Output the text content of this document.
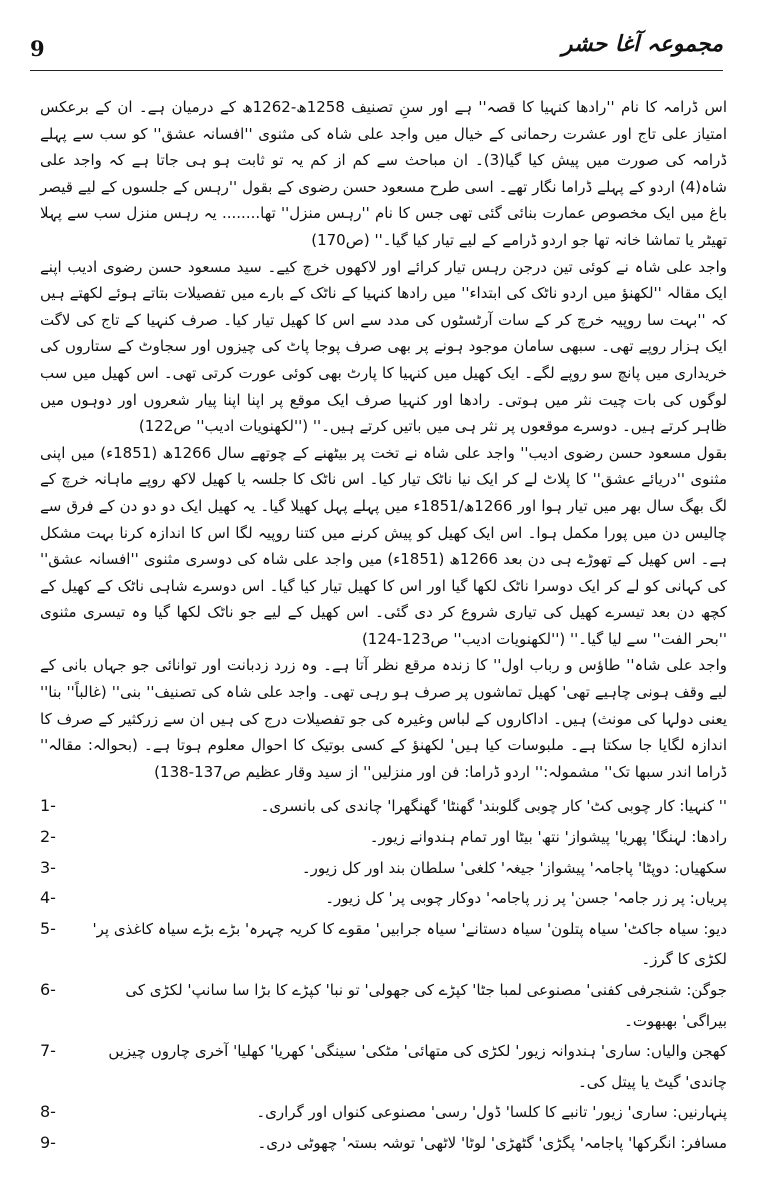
9	مجموعہ آغا حشر

اس ڈرامہ کا نام ''رادھا کنہیا کا قصہ'' ہے اور سنِ تصنیف 1258ھ-1262ھ کے درمیان ہے۔ ان کے برعکس امتیاز علی تاج اور عشرت رحمانی کے خیال میں واجد علی شاہ کی مثنوی ''افسانہ عشق'' کو سب سے پہلے ڈرامہ کی صورت میں پیش کیا گیا(3)۔ ان مباحث سے کم از کم یہ تو ثابت ہو ہی جاتا ہے کہ واجد علی شاہ(4) اردو کے پہلے ڈراما نگار تھے۔ اسی طرح مسعود حسن رضوی کے بقول ''رہس کے جلسوں کے لیے قیصر باغ میں ایک مخصوص عمارت بنائی گئی تھی جس کا نام ''رہس منزل'' تھا........ یہ رہس منزل سب سے پہلا تھیٹر یا تماشا خانہ تھا جو اردو ڈرامے کے لیے تیار کیا گیا۔'' (ص170)

واجد علی شاہ نے کوئی تین درجن رہس تیار کرائے اور لاکھوں خرچ کیے۔ سید مسعود حسن رضوی ادیب اپنے ایک مقالہ ''لکھنؤ میں اردو ناٹک کی ابتداء'' میں رادھا کنہیا کے ناٹک کے بارے میں تفصیلات بتاتے ہوئے لکھتے ہیں کہ ''بہت سا روپیہ خرچ کر کے سات آرٹسٹوں کی مدد سے اس کا کھیل تیار کیا۔ صرف کنہیا کے تاج کی لاگت ایک ہزار روپے تھی۔ سبھی سامان موجود ہونے پر بھی صرف پوجا پاٹ کی چیزوں اور سجاوٹ کے ستاروں کی خریداری میں پانچ سو روپے لگے۔ ایک کھیل میں کنہیا کا پارٹ بھی کوئی عورت کرتی تھی۔ اس کھیل میں سب لوگوں کی بات چیت نثر میں ہوتی۔ رادھا اور کنہیا صرف ایک موقع پر اپنا اپنا پیار شعروں اور دوہوں میں ظاہر کرتے ہیں۔ دوسرے موقعوں پر نثر ہی میں باتیں کرتے ہیں۔'' (''لکھنویات ادیب'' ص122)

بقول مسعود حسن رضوی ادیب'' واجد علی شاہ نے تخت پر بیٹھنے کے چوتھے سال 1266ھ (1851ء) میں اپنی مثنوی ''دریائے عشق'' کا پلاٹ لے کر ایک نیا ناٹک تیار کیا۔ اس ناٹک کا جلسہ یا کھیل لاکھ روپے ماہانہ خرچ کے لگ بھگ سال بھر میں تیار ہوا اور 1266ھ/1851ء میں پہلے پہل کھیلا گیا۔ یہ کھیل ایک دو دو دن کے فرق سے چالیس دن میں پورا مکمل ہوا۔ اس ایک کھیل کو پیش کرنے میں کتنا روپیہ لگا اس کا اندازہ کرنا بہت مشکل ہے۔ اس کھیل کے تھوڑے ہی دن بعد 1266ھ (1851ء) میں واجد علی شاہ کی دوسری مثنوی ''افسانہ عشق'' کی کہانی کو لے کر ایک دوسرا ناٹک لکھا گیا اور اس کا کھیل تیار کیا گیا۔ اس دوسرے شاہی ناٹک کے کھیل کے کچھ دن بعد تیسرے کھیل کی تیاری شروع کر دی گئی۔ اس کھیل کے لیے جو ناٹک لکھا گیا وہ تیسری مثنوی ''بحر الفت'' سے لیا گیا۔'' (''لکھنویات ادیب'' ص123-124)

واجد علی شاہ'' طاؤس و رباب اول'' کا زندہ مرقع نظر آتا ہے۔ وہ زرد زدبانت اور توانائی جو جہاں بانی کے لیے وقف ہونی چاہیے تھی' کھیل تماشوں پر صرف ہو رہی تھی۔ واجد علی شاہ کی تصنیف'' بنی'' (غالباً'' بنا'' یعنی دولہا کی مونث) ہیں۔ اداکاروں کے لباس وغیرہ کی جو تفصیلات درج کی ہیں ان سے زرکثیر کے صرف کا اندازہ لگایا جا سکتا ہے۔ ملبوسات کیا ہیں' لکھنؤ کے کسی بوتیک کا احوال معلوم ہوتا ہے۔ (بحوالہ: مقالہ'' ڈراما اندر سبھا تک'' مشمولہ:'' اردو ڈراما: فن اور منزلیں'' از سید وقار عظیم ص137-138)

1-	'' کنہیا: کار چوبی کٹ' کار چوبی گلوبند' گھنٹا' گھنگھرا' چاندی کی بانسری۔
2-	رادھا: لہنگا' پھریا' پیشواز' نتھ' بیٹا اور تمام ہندوانے زیور۔
3-	سکھیاں: دوپٹا' پاجامہ' پیشواز' جیغہ' کلغی' سلطان بند اور کل زیور۔
4-	پریاں: پر زر جامہ' جسن' پر زر پاجامہ' دوکار چوبی پر' کل زیور۔
5-	دیو: سیاہ جاکٹ' سیاہ پتلون' سیاہ دستانے' سیاہ جرابیں' مقوے کا کریہ چہرہ' بڑے بڑے سیاہ کاغذی پر' لکڑی کا گرز۔
6-	جوگن: شنجرفی کفنی' مصنوعی لمبا جٹا' کپڑے کی جھولی' تو نبا' کپڑے کا بڑا سا سانپ' لکڑی کی بیراگی' بھبھوت۔
7-	کھجن والیاں: ساری' ہندوانہ زیور' لکڑی کی متھائی' مٹکی' سینگی' کھریا' کھلیا' آخری چاروں چیزیں چاندی' گیٹ یا پیتل کی۔
8-	پنہارنیں: ساری' زیور' تانبے کا کلسا' ڈول' رسی' مصنوعی کنواں اور گراری۔
9-	مسافر: انگرکھا' پاجامہ' پگڑی' گٹھڑی' لوٹا' لاٹھی' توشہ بستہ' چھوٹی دری۔
